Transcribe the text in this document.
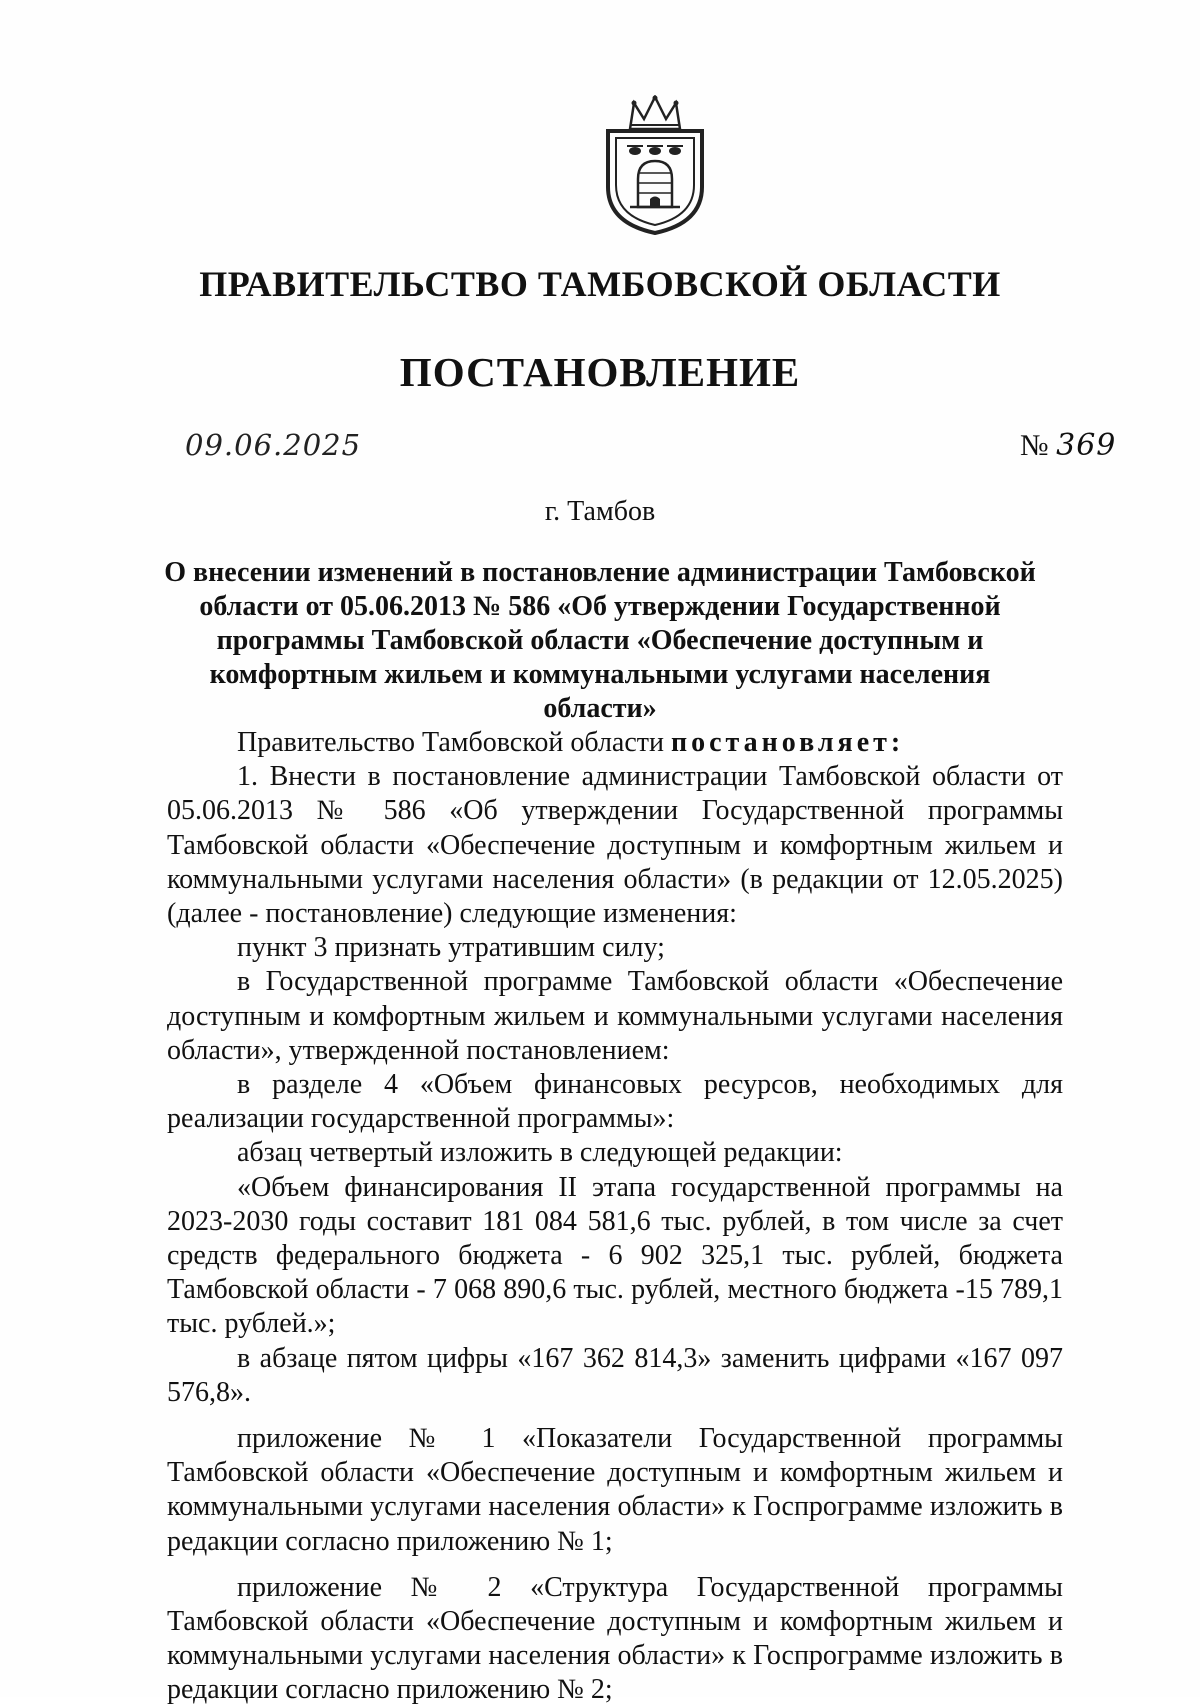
ПРАВИТЕЛЬСТВО ТАМБОВСКОЙ ОБЛАСТИ
ПОСТАНОВЛЕНИЕ
09.06.2025	№ 369
г. Тамбов
О внесении изменений в постановление администрации Тамбовской области от 05.06.2013 № 586 «Об утверждении Государственной программы Тамбовской области «Обеспечение доступным и комфортным жильем и коммунальными услугами населения области»

Правительство Тамбовской области постановляет:

1. Внести в постановление администрации Тамбовской области от 05.06.2013 № 586 «Об утверждении Государственной программы Тамбовской области «Обеспечение доступным и комфортным жильем и коммунальными услугами населения области» (в редакции от 12.05.2025) (далее - постановление) следующие изменения:

пункт 3 признать утратившим силу;

в Государственной программе Тамбовской области «Обеспечение доступным и комфортным жильем и коммунальными услугами населения области», утвержденной постановлением:

в разделе 4 «Объем финансовых ресурсов, необходимых для реализации государственной программы»:

абзац четвертый изложить в следующей редакции:

«Объем финансирования II этапа государственной программы на 2023-2030 годы составит 181 084 581,6 тыс. рублей, в том числе за счет средств федерального бюджета - 6 902 325,1 тыс. рублей, бюджета Тамбовской области - 7 068 890,6 тыс. рублей, местного бюджета -15 789,1 тыс. рублей.»;

в абзаце пятом цифры «167 362 814,3» заменить цифрами «167 097 576,8».

приложение № 1 «Показатели Государственной программы Тамбовской области «Обеспечение доступным и комфортным жильем и коммунальными услугами населения области» к Госпрограмме изложить в редакции согласно приложению № 1;

приложение № 2 «Структура Государственной программы Тамбовской области «Обеспечение доступным и комфортным жильем и коммунальными услугами населения области» к Госпрограмме изложить в редакции согласно приложению № 2;
